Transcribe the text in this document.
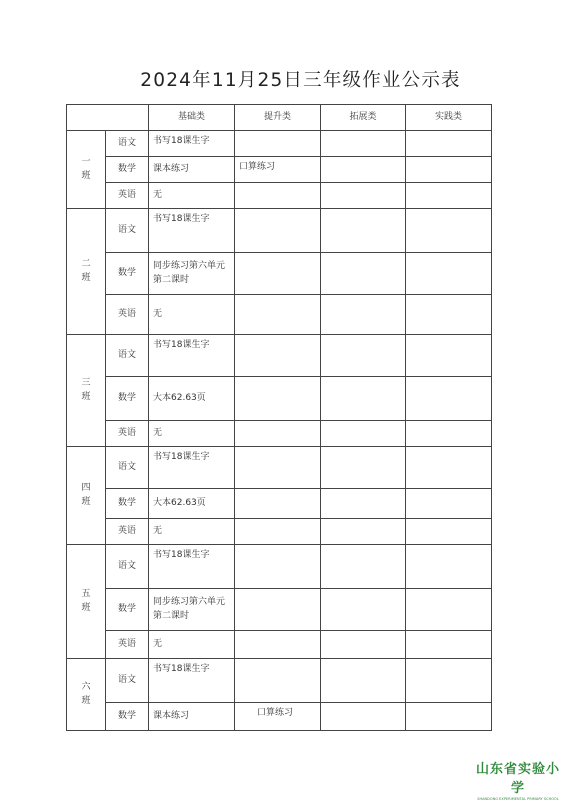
2024年11月25日三年级作业公示表
		基础类	提升类	拓展类	实践类

一
班	语文	书写18课生字			
	数学	课本练习	口算练习		
	英语	无			

二
班	语文	书写18课生字			
	数学	同步练习第六单元第二课时			
	英语	无			

三
班	语文	书写18课生字			
	数学	大本62.63页			
	英语	无			

四
班	语文	书写18课生字			
	数学	大本62.63页			
	英语	无			

五
班	语文	书写18课生字			
	数学	同步练习第六单元第二课时			
	英语	无			

六
班	语文	书写18课生字			
	数学	课本练习	口算练习		
山东省实验小学
SHANDONG EXPERIMENTAL PRIMARY SCHOOL
